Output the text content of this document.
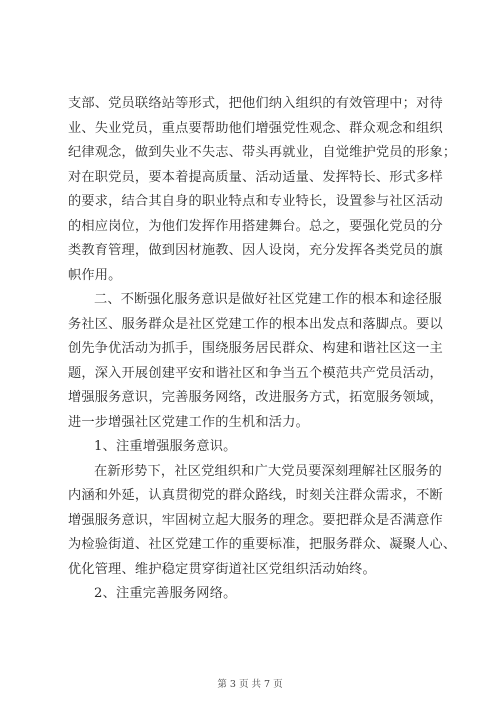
支部、党员联络站等形式，把他们纳入组织的有效管理中；对待
业、失业党员，重点要帮助他们增强党性观念、群众观念和组织
纪律观念，做到失业不失志、带头再就业，自觉维护党员的形象；
对在职党员，要本着提高质量、活动适量、发挥特长、形式多样
的要求，结合其自身的职业特点和专业特长，设置参与社区活动
的相应岗位，为他们发挥作用搭建舞台。总之，要强化党员的分
类教育管理，做到因材施教、因人设岗，充分发挥各类党员的旗
帜作用。
二、不断强化服务意识是做好社区党建工作的根本和途径服
务社区、服务群众是社区党建工作的根本出发点和落脚点。要以
创先争优活动为抓手，围绕服务居民群众、构建和谐社区这一主
题，深入开展创建平安和谐社区和争当五个模范共产党员活动，
增强服务意识，完善服务网络，改进服务方式，拓宽服务领域，
进一步增强社区党建工作的生机和活力。
1、注重增强服务意识。
在新形势下，社区党组织和广大党员要深刻理解社区服务的
内涵和外延，认真贯彻党的群众路线，时刻关注群众需求，不断
增强服务意识，牢固树立起大服务的理念。要把群众是否满意作
为检验街道、社区党建工作的重要标准，把服务群众、凝聚人心、
优化管理、维护稳定贯穿街道社区党组织活动始终。
2、注重完善服务网络。
第 3 页 共 7 页
